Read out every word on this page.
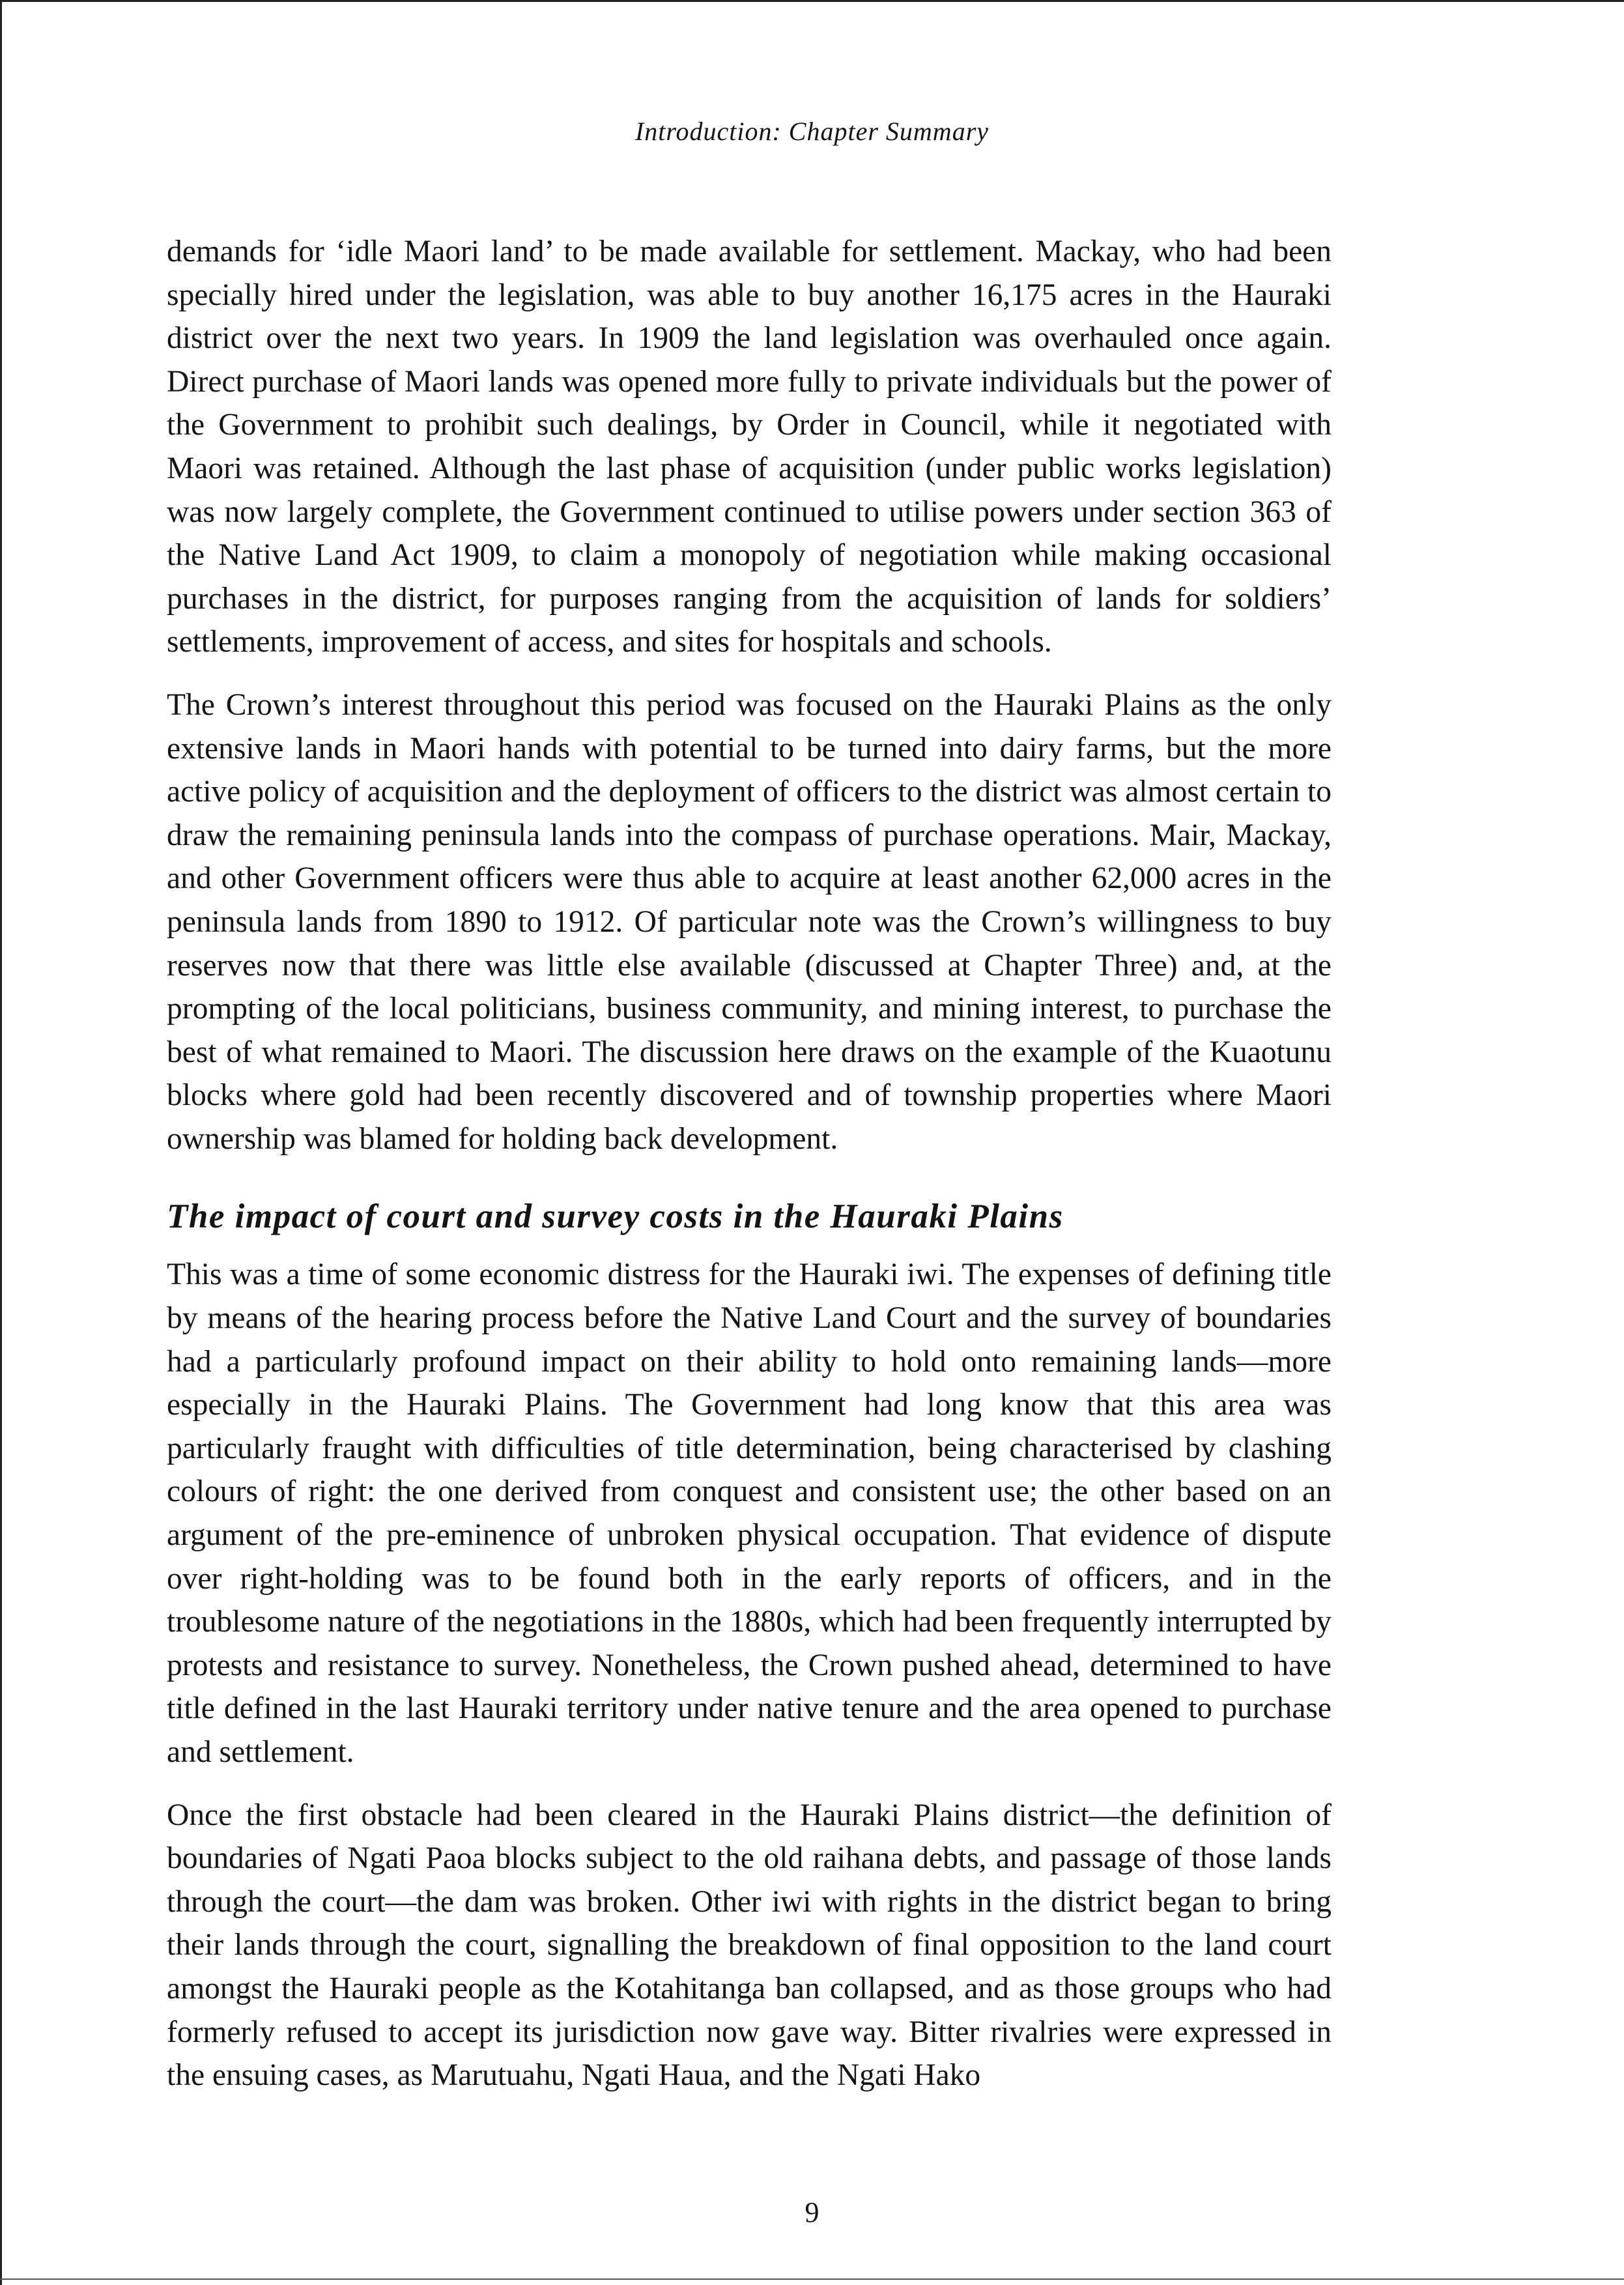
Introduction: Chapter Summary

demands for ‘idle Maori land’ to be made available for settlement. Mackay, who had been specially hired under the legislation, was able to buy another 16,175 acres in the Hauraki district over the next two years. In 1909 the land legislation was overhauled once again. Direct purchase of Maori lands was opened more fully to private individuals but the power of the Government to prohibit such dealings, by Order in Council, while it negotiated with Maori was retained. Although the last phase of acquisition (under public works legislation) was now largely complete, the Government continued to utilise powers under section 363 of the Native Land Act 1909, to claim a monopoly of negotiation while making occasional purchases in the district, for purposes ranging from the acquisition of lands for soldiers’ settlements, improvement of access, and sites for hospitals and schools.

The Crown’s interest throughout this period was focused on the Hauraki Plains as the only extensive lands in Maori hands with potential to be turned into dairy farms, but the more active policy of acquisition and the deployment of officers to the district was almost certain to draw the remaining peninsula lands into the compass of purchase operations. Mair, Mackay, and other Government officers were thus able to acquire at least another 62,000 acres in the peninsula lands from 1890 to 1912. Of particular note was the Crown’s willingness to buy reserves now that there was little else available (discussed at Chapter Three) and, at the prompting of the local politicians, business community, and mining interest, to purchase the best of what remained to Maori. The discussion here draws on the example of the Kuaotunu blocks where gold had been recently discovered and of township properties where Maori ownership was blamed for holding back development.

The impact of court and survey costs in the Hauraki Plains

This was a time of some economic distress for the Hauraki iwi. The expenses of defining title by means of the hearing process before the Native Land Court and the survey of boundaries had a particularly profound impact on their ability to hold onto remaining lands—more especially in the Hauraki Plains. The Government had long know that this area was particularly fraught with difficulties of title determination, being characterised by clashing colours of right: the one derived from conquest and consistent use; the other based on an argument of the pre-eminence of unbroken physical occupation. That evidence of dispute over right-holding was to be found both in the early reports of officers, and in the troublesome nature of the negotiations in the 1880s, which had been frequently interrupted by protests and resistance to survey. Nonetheless, the Crown pushed ahead, determined to have title defined in the last Hauraki territory under native tenure and the area opened to purchase and settlement.

Once the first obstacle had been cleared in the Hauraki Plains district—the definition of boundaries of Ngati Paoa blocks subject to the old raihana debts, and passage of those lands through the court—the dam was broken. Other iwi with rights in the district began to bring their lands through the court, signalling the breakdown of final opposition to the land court amongst the Hauraki people as the Kotahitanga ban collapsed, and as those groups who had formerly refused to accept its jurisdiction now gave way. Bitter rivalries were expressed in the ensuing cases, as Marutuahu, Ngati Haua, and the Ngati Hako

9
